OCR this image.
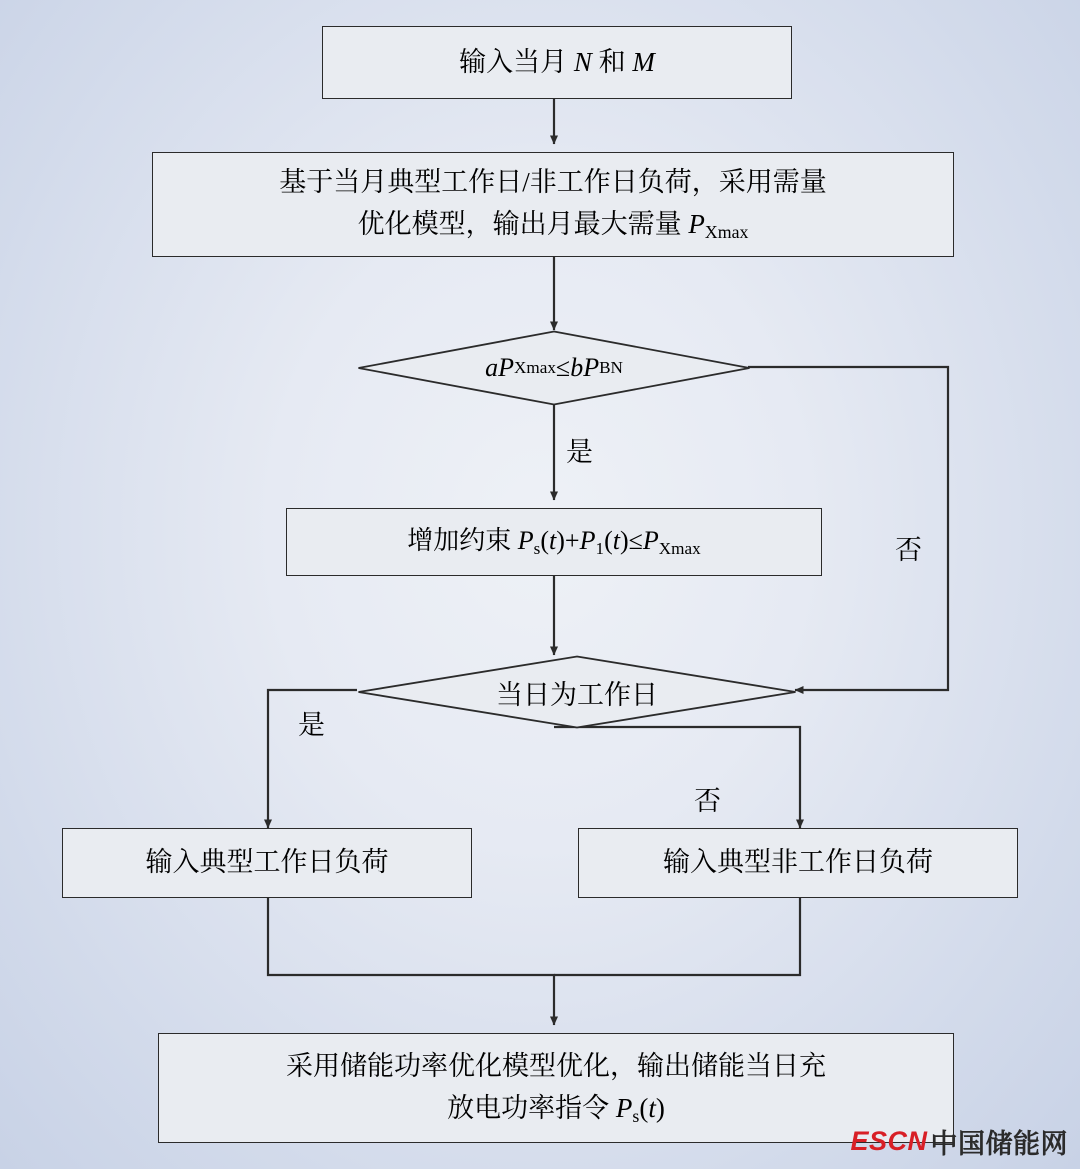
输入当月 N 和 M
基于当月典型工作日/非工作日负荷，采用需量
优化模型，输出月最大需量 $P_{Xmax}$
aP Xmax ≤ bP BN
增加约束 $P_s(t)+P_1(t)\le P_{Xmax}$
当日为工作日
输入典型工作日负荷	输入典型非工作日负荷
采用储能功率优化模型优化，输出储能当日充
放电功率指令 $P_s(t)$
是
否
是
否
ESCN 中国储能网
